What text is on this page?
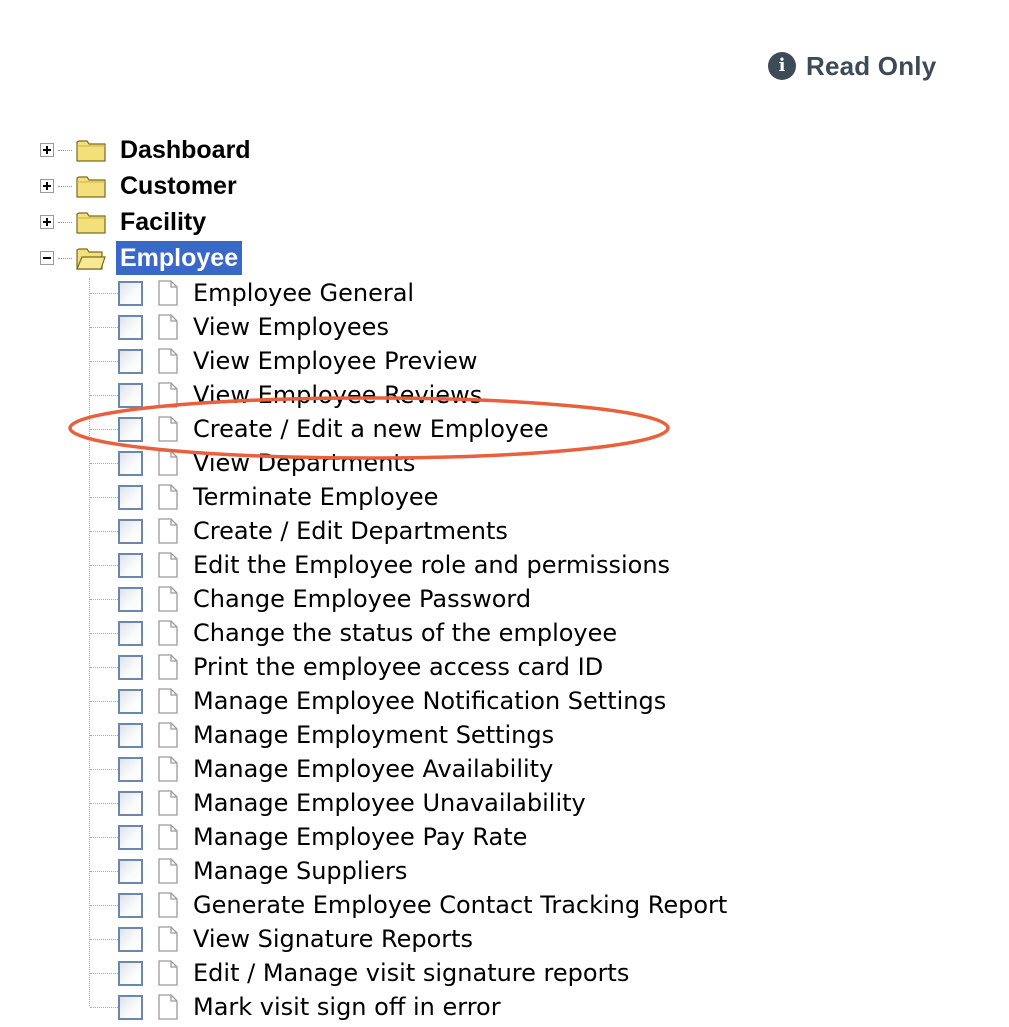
i Read Only
Dashboard
Customer
Facility
Employee
Employee General
View Employees
View Employee Preview
View Employee Reviews
Create / Edit a new Employee
View Departments
Terminate Employee
Create / Edit Departments
Edit the Employee role and permissions
Change Employee Password
Change the status of the employee
Print the employee access card ID
Manage Employee Notification Settings
Manage Employment Settings
Manage Employee Availability
Manage Employee Unavailability
Manage Employee Pay Rate
Manage Suppliers
Generate Employee Contact Tracking Report
View Signature Reports
Edit / Manage visit signature reports
Mark visit sign off in error
